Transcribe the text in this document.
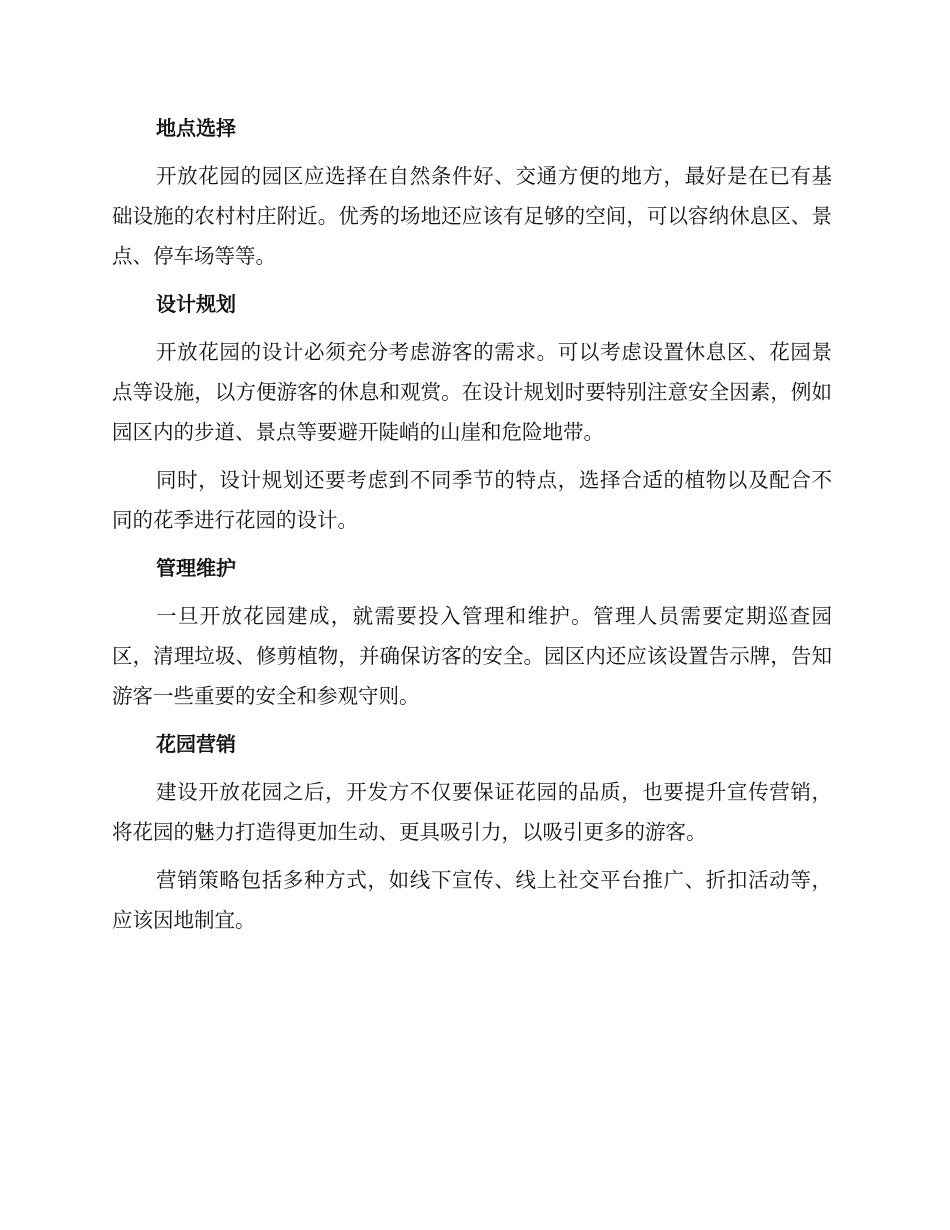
地点选择

开放花园的园区应选择在自然条件好、交通方便的地方，最好是在已有基础设施的农村村庄附近。优秀的场地还应该有足够的空间，可以容纳休息区、景点、停车场等等。

设计规划

开放花园的设计必须充分考虑游客的需求。可以考虑设置休息区、花园景点等设施，以方便游客的休息和观赏。在设计规划时要特别注意安全因素，例如园区内的步道、景点等要避开陡峭的山崖和危险地带。

同时，设计规划还要考虑到不同季节的特点，选择合适的植物以及配合不同的花季进行花园的设计。

管理维护

一旦开放花园建成，就需要投入管理和维护。管理人员需要定期巡查园区，清理垃圾、修剪植物，并确保访客的安全。园区内还应该设置告示牌，告知游客一些重要的安全和参观守则。

花园营销

建设开放花园之后，开发方不仅要保证花园的品质，也要提升宣传营销，将花园的魅力打造得更加生动、更具吸引力，以吸引更多的游客。

营销策略包括多种方式，如线下宣传、线上社交平台推广、折扣活动等，应该因地制宜。
